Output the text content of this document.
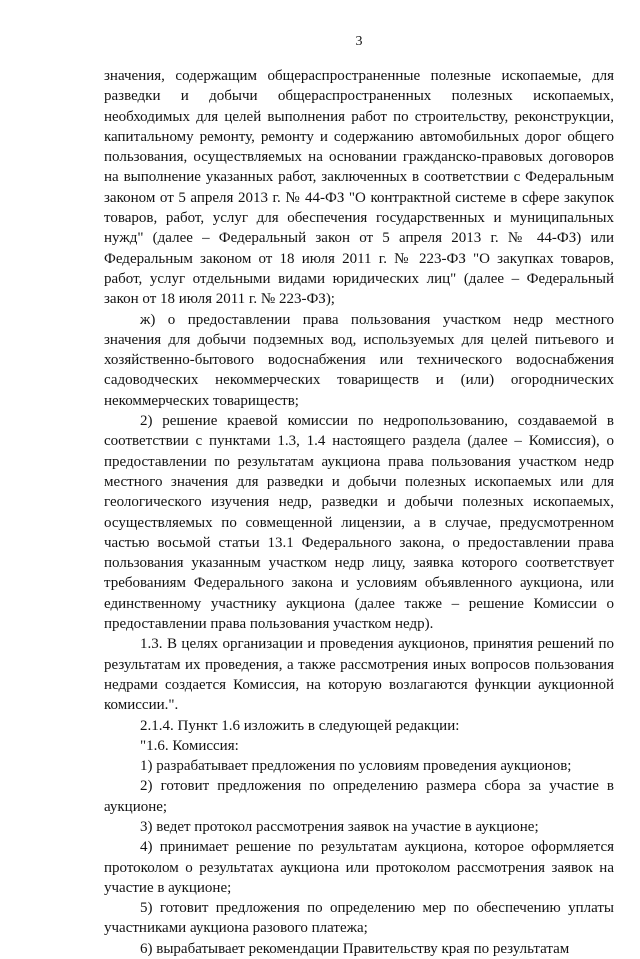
3

значения, содержащим общераспространенные полезные ископаемые, для разведки и добычи общераспространенных полезных ископаемых, необходимых для целей выполнения работ по строительству, реконструкции, капитальному ремонту, ремонту и содержанию автомобильных дорог общего пользования, осуществляемых на основании гражданско-правовых договоров на выполнение указанных работ, заключенных в соответствии с Федеральным законом от 5 апреля 2013 г. № 44-ФЗ "О контрактной системе в сфере закупок товаров, работ, услуг для обеспечения государственных и муниципальных нужд" (далее – Федеральный закон от 5 апреля 2013 г. № 44-ФЗ) или Федеральным законом от 18 июля 2011 г. № 223-ФЗ "О закупках товаров, работ, услуг отдельными видами юридических лиц" (далее – Федеральный закон от 18 июля 2011 г. № 223-ФЗ);

ж) о предоставлении права пользования участком недр местного значения для добычи подземных вод, используемых для целей питьевого и хозяйственно-бытового водоснабжения или технического водоснабжения садоводческих некоммерческих товариществ и (или) огороднических некоммерческих товариществ;

2) решение краевой комиссии по недропользованию, создаваемой в соответствии с пунктами 1.3, 1.4 настоящего раздела (далее – Комиссия), о предоставлении по результатам аукциона права пользования участком недр местного значения для разведки и добычи полезных ископаемых или для геологического изучения недр, разведки и добычи полезных ископаемых, осуществляемых по совмещенной лицензии, а в случае, предусмотренном частью восьмой статьи 13.1 Федерального закона, о предоставлении права пользования указанным участком недр лицу, заявка которого соответствует требованиям Федерального закона и условиям объявленного аукциона, или единственному участнику аукциона (далее также – решение Комиссии о предоставлении права пользования участком недр).

1.3. В целях организации и проведения аукционов, принятия решений по результатам их проведения, а также рассмотрения иных вопросов пользования недрами создается Комиссия, на которую возлагаются функции аукционной комиссии.".

2.1.4. Пункт 1.6 изложить в следующей редакции:

"1.6. Комиссия:

1) разрабатывает предложения по условиям проведения аукционов;

2) готовит предложения по определению размера сбора за участие в аукционе;

3) ведет протокол рассмотрения заявок на участие в аукционе;

4) принимает решение по результатам аукциона, которое оформляется протоколом о результатах аукциона или протоколом рассмотрения заявок на участие в аукционе;

5) готовит предложения по определению мер по обеспечению уплаты участниками аукциона разового платежа;

6) вырабатывает рекомендации Правительству края по результатам
